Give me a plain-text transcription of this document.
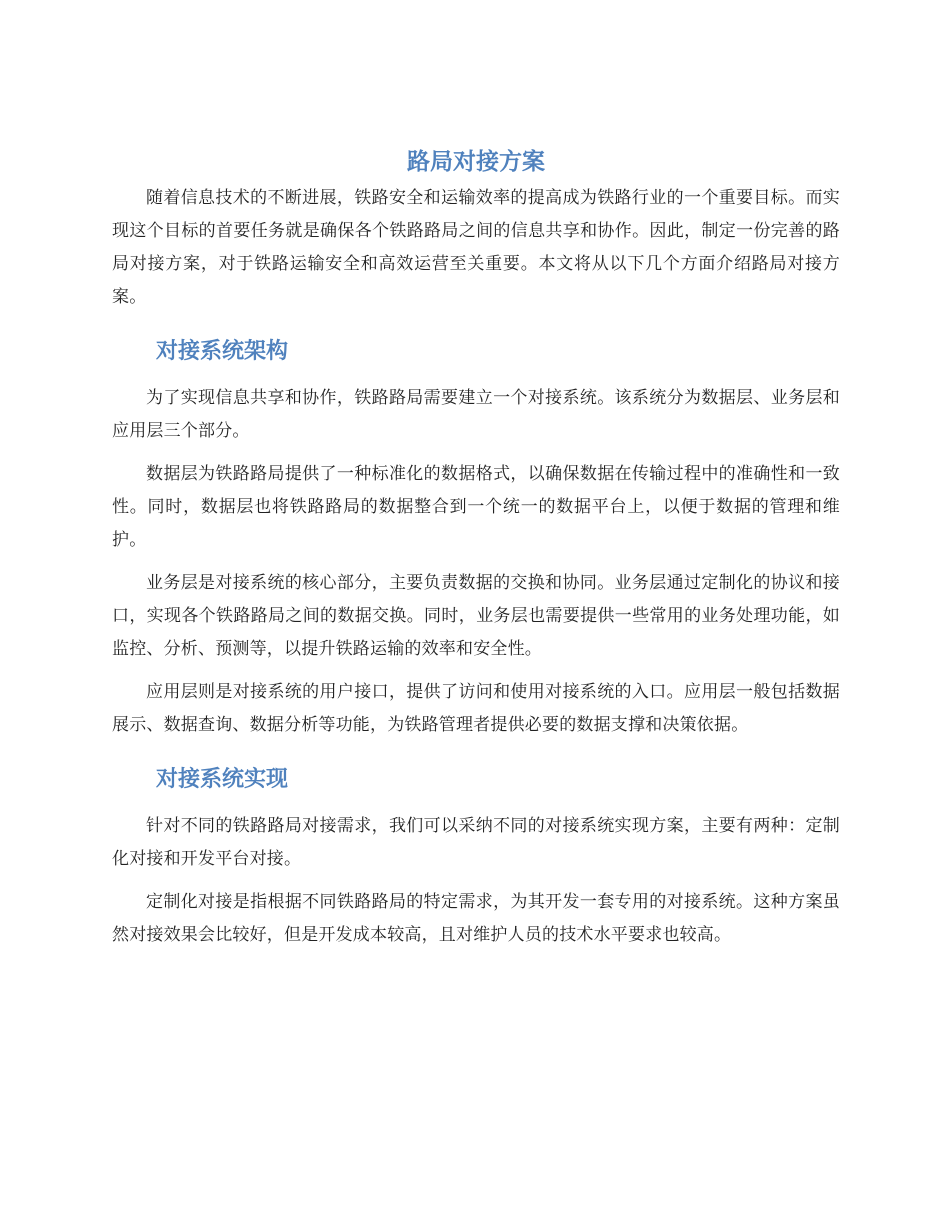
路局对接方案

随着信息技术的不断进展，铁路安全和运输效率的提高成为铁路行业的一个重要目标。而实现这个目标的首要任务就是确保各个铁路路局之间的信息共享和协作。因此，制定一份完善的路局对接方案，对于铁路运输安全和高效运营至关重要。本文将从以下几个方面介绍路局对接方案。

对接系统架构

为了实现信息共享和协作，铁路路局需要建立一个对接系统。该系统分为数据层、业务层和应用层三个部分。

数据层为铁路路局提供了一种标准化的数据格式，以确保数据在传输过程中的准确性和一致性。同时，数据层也将铁路路局的数据整合到一个统一的数据平台上，以便于数据的管理和维护。

业务层是对接系统的核心部分，主要负责数据的交换和协同。业务层通过定制化的协议和接口，实现各个铁路路局之间的数据交换。同时，业务层也需要提供一些常用的业务处理功能，如监控、分析、预测等，以提升铁路运输的效率和安全性。

应用层则是对接系统的用户接口，提供了访问和使用对接系统的入口。应用层一般包括数据展示、数据查询、数据分析等功能，为铁路管理者提供必要的数据支撑和决策依据。

对接系统实现

针对不同的铁路路局对接需求，我们可以采纳不同的对接系统实现方案，主要有两种：定制化对接和开发平台对接。

定制化对接是指根据不同铁路路局的特定需求，为其开发一套专用的对接系统。这种方案虽然对接效果会比较好，但是开发成本较高，且对维护人员的技术水平要求也较高。
